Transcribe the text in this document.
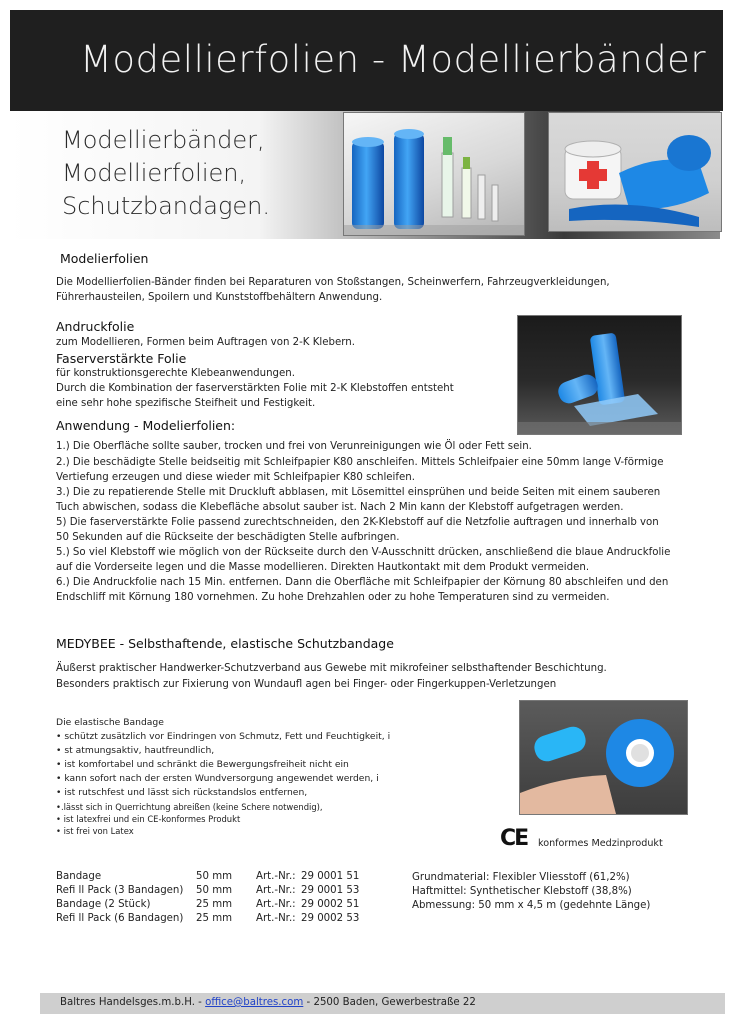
Modellierfolien - Modellierbänder
Modellierbänder,
Modellierfolien,
Schutzbandagen.
Modelierfolien
Die Modellierfolien-Bänder finden bei Reparaturen von Stoßstangen, Scheinwerfern, Fahrzeugverkleidungen,
Führerhausteilen, Spoilern und Kunststoffbehältern Anwendung.
Andruckfolie
zum Modellieren, Formen beim Auftragen von 2-K Klebern.
Faserverstärkte Folie
für konstruktionsgerechte Klebeanwendungen.
Durch die Kombination der faserverstärkten Folie mit 2-K Klebstoffen entsteht
eine sehr hohe spezifische Steifheit und Festigkeit.
Anwendung - Modelierfolien:
1.) Die Oberfläche sollte sauber, trocken und frei von Verunreinigungen wie Öl oder Fett sein.
2.) Die beschädigte Stelle beidseitig mit Schleifpapier K80 anschleifen. Mittels Schleifpaier eine 50mm lange V-förmige
Vertiefung erzeugen und diese wieder mit Schleifpapier K80 schleifen.
3.) Die zu repatierende Stelle mit Druckluft abblasen, mit Lösemittel einsprühen und beide Seiten mit einem sauberen
Tuch abwischen, sodass die Klebefläche absolut sauber ist. Nach 2 Min kann der Klebstoff aufgetragen werden.
5) Die faserverstärkte Folie passend zurechtschneiden, den 2K-Klebstoff auf die Netzfolie auftragen und innerhalb von
50 Sekunden auf die Rückseite der beschädigten Stelle aufbringen.
5.) So viel Klebstoff wie möglich von der Rückseite durch den V-Ausschnitt drücken, anschließend die blaue Andruckfolie
auf die Vorderseite legen und die Masse modellieren. Direkten Hautkontakt mit dem Produkt vermeiden.
6.) Die Andruckfolie nach 15 Min. entfernen. Dann die Oberfläche mit Schleifpapier der Körnung 80 abschleifen und den
Endschliff mit Körnung 180 vornehmen. Zu hohe Drehzahlen oder zu hohe Temperaturen sind zu vermeiden.
MEDYBEE - Selbsthaftende, elastische Schutzbandage
Äußerst praktischer Handwerker-Schutzverband aus Gewebe mit mikrofeiner selbsthaftender Beschichtung.
Besonders praktisch zur Fixierung von Wundaufl agen bei Finger- oder Fingerkuppen-Verletzungen
Die elastische Bandage
• schützt zusätzlich vor Eindringen von Schmutz, Fett und Feuchtigkeit, i
• st atmungsaktiv, hautfreundlich,
• ist komfortabel und schränkt die Bewergungsfreiheit nicht ein
• kann sofort nach der ersten Wundversorgung angewendet werden, i
• ist rutschfest und lässt sich rückstandslos entfernen,
•.lässt sich in Querrichtung abreißen (keine Schere notwendig),
• ist latexfrei und ein CE-konformes Produkt
• ist frei von Latex	CE konformes Medzinprodukt
Bandage	50 mm Art.-Nr.: 29 0001 51
Refi ll Pack (3 Bandagen) 50 mm Art.-Nr.: 29 0001 53
Bandage (2 Stück)	25 mm Art.-Nr.: 29 0002 51
Refi ll Pack (6 Bandagen) 25 mm Art.-Nr.: 29 0002 53
Grundmaterial: Flexibler Vliesstoff (61,2%)
Haftmittel: Synthetischer Klebstoff (38,8%)
Abmessung: 50 mm x 4,5 m (gedehnte Länge)
Baltres Handelsges.m.b.H. - office@baltres.com - 2500 Baden, Gewerbestraße 22
